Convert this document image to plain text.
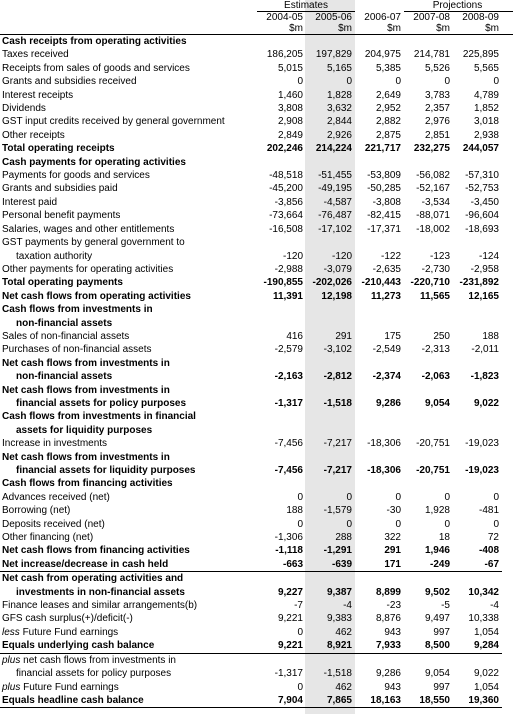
	Estimates			Projections	
	2004-05	2005-06	2006-07	2007-08	2008-09
	$m	$m	$m	$m	$m
Cash receipts from operating activities					
Taxes received	186,205	197,829	204,975	214,781	225,895
Receipts from sales of goods and services	5,015	5,165	5,385	5,526	5,565
Grants and subsidies received	0	0	0	0	0
Interest receipts	1,460	1,828	2,649	3,783	4,789
Dividends	3,808	3,632	2,952	2,357	1,852
GST input credits received by general government	2,908	2,844	2,882	2,976	3,018
Other receipts	2,849	2,926	2,875	2,851	2,938
Total operating receipts	202,246	214,224	221,717	232,275	244,057
Cash payments for operating activities					
Payments for goods and services	-48,518	-51,455	-53,809	-56,082	-57,310
Grants and subsidies paid	-45,200	-49,195	-50,285	-52,167	-52,753
Interest paid	-3,856	-4,587	-3,808	-3,534	-3,450
Personal benefit payments	-73,664	-76,487	-82,415	-88,071	-96,604
Salaries, wages and other entitlements	-16,508	-17,102	-17,371	-18,002	-18,693
GST payments by general government to					
taxation authority	-120	-120	-122	-123	-124
Other payments for operating activities	-2,988	-3,079	-2,635	-2,730	-2,958
Total operating payments	-190,855	-202,026	-210,443	-220,710	-231,892
Net cash flows from operating activities	11,391	12,198	11,273	11,565	12,165
Cash flows from investments in					
non-financial assets					
Sales of non-financial assets	416	291	175	250	188
Purchases of non-financial assets	-2,579	-3,102	-2,549	-2,313	-2,011
Net cash flows from investments in					
non-financial assets	-2,163	-2,812	-2,374	-2,063	-1,823
Net cash flows from investments in					
financial assets for policy purposes	-1,317	-1,518	9,286	9,054	9,022
Cash flows from investments in financial					
assets for liquidity purposes					
Increase in investments	-7,456	-7,217	-18,306	-20,751	-19,023
Net cash flows from investments in					
financial assets for liquidity purposes	-7,456	-7,217	-18,306	-20,751	-19,023
Cash flows from financing activities					
Advances received (net)	0	0	0	0	0
Borrowing (net)	188	-1,579	-30	1,928	-481
Deposits received (net)	0	0	0	0	0
Other financing (net)	-1,306	288	322	18	72
Net cash flows from financing activities	-1,118	-1,291	291	1,946	-408
Net increase/decrease in cash held	-663	-639	171	-249	-67
Net cash from operating activities and					
investments in non-financial assets	9,227	9,387	8,899	9,502	10,342
Finance leases and similar arrangements(b)	-7	-4	-23	-5	-4
GFS cash surplus(+)/deficit(-)	9,221	9,383	8,876	9,497	10,338
less Future Fund earnings	0	462	943	997	1,054
Equals underlying cash balance	9,221	8,921	7,933	8,500	9,284
plus net cash flows from investments in					
financial assets for policy purposes	-1,317	-1,518	9,286	9,054	9,022
plus Future Fund earnings	0	462	943	997	1,054
Equals headline cash balance	7,904	7,865	18,163	18,550	19,360
